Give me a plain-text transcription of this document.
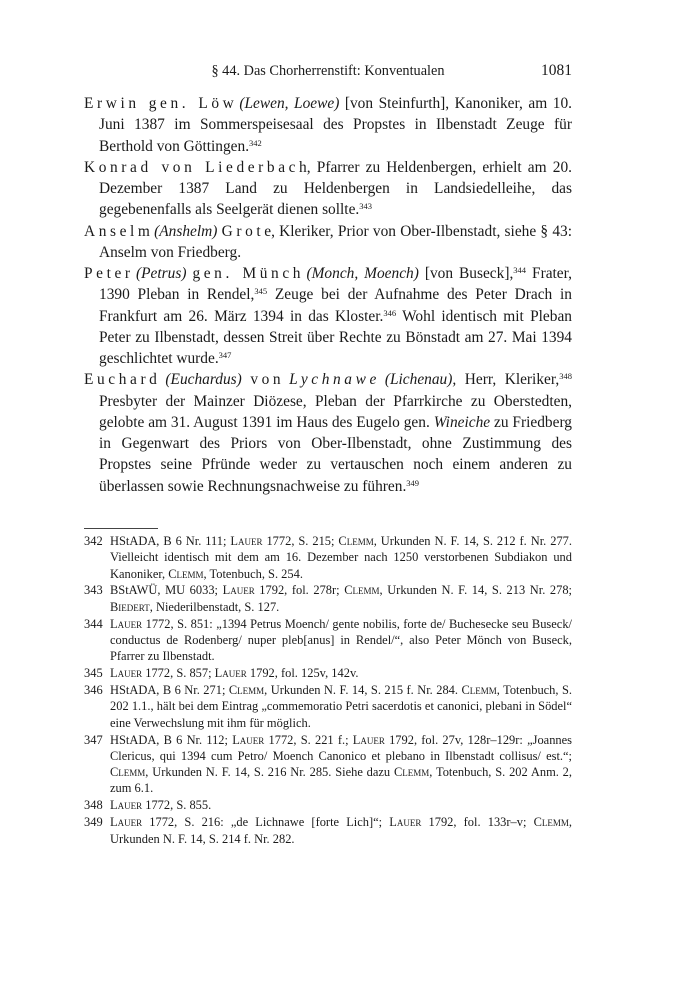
§ 44. Das Chorherrenstift: Konventualen	1081

Erwin gen. Löw (Lewen, Loewe) [von Steinfurth], Kanoniker, am 10. Juni 1387 im Sommerspeisesaal des Propstes in Ilbenstadt Zeuge für Berthold von Göttingen.$^{342}$

Konrad von Liederbach, Pfarrer zu Heldenbergen, erhielt am 20. Dezember 1387 Land zu Heldenbergen in Landsiedelleihe, das gegebenenfalls als Seelgerät dienen sollte.$^{343}$

Anselm (Anshelm) Grote, Kleriker, Prior von Ober-Ilbenstadt, siehe § 43: Anselm von Friedberg.

Peter (Petrus) gen. Münch (Monch, Moench) [von Buseck],$^{344}$ Frater, 1390 Pleban in Rendel,$^{345}$ Zeuge bei der Aufnahme des Peter Drach in Frankfurt am 26. März 1394 in das Kloster.$^{346}$ Wohl identisch mit Pleban Peter zu Ilbenstadt, dessen Streit über Rechte zu Bönstadt am 27. Mai 1394 geschlichtet wurde.$^{347}$

Euchard (Euchardus) von Lychnawe (Lichenau), Herr, Kleriker,$^{348}$ Presbyter der Mainzer Diözese, Pleban der Pfarrkirche zu Oberstedten, gelobte am 31. August 1391 im Haus des Eugelo gen. Wineiche zu Friedberg in Gegenwart des Priors von Ober-Ilbenstadt, ohne Zustimmung des Propstes seine Pfründe weder zu vertauschen noch einem anderen zu überlassen sowie Rechnungsnachweise zu führen.$^{349}$

342 HStADA, B 6 Nr. 111; Lauer 1772, S. 215; Clemm, Urkunden N. F. 14, S. 212 f. Nr. 277. Vielleicht identisch mit dem am 16. Dezember nach 1250 verstorbenen Subdiakon und Kanoniker, Clemm, Totenbuch, S. 254.

343 BStAWÜ, MU 6033; Lauer 1792, fol. 278r; Clemm, Urkunden N. F. 14, S. 213 Nr. 278; Biedert, Niederilbenstadt, S. 127.

344 Lauer 1772, S. 851: „1394 Petrus Moench/ gente nobilis, forte de/ Buchesecke seu Buseck/ conductus de Rodenberg/ nuper pleb[anus] in Rendel/“, also Peter Mönch von Buseck, Pfarrer zu Ilbenstadt.

345 Lauer 1772, S. 857; Lauer 1792, fol. 125v, 142v.

346 HStADA, B 6 Nr. 271; Clemm, Urkunden N. F. 14, S. 215 f. Nr. 284. Clemm, Totenbuch, S. 202 1.1., hält bei dem Eintrag „commemoratio Petri sacerdotis et canonici, plebani in Södel“ eine Verwechslung mit ihm für möglich.

347 HStADA, B 6 Nr. 112; Lauer 1772, S. 221 f.; Lauer 1792, fol. 27v, 128r–129r: „Joannes Clericus, qui 1394 cum Petro/ Moench Canonico et plebano in Ilbenstadt collisus/ est.“; Clemm, Urkunden N. F. 14, S. 216 Nr. 285. Siehe dazu Clemm, Totenbuch, S. 202 Anm. 2, zum 6.1.

348 Lauer 1772, S. 855.

349 Lauer 1772, S. 216: „de Lichnawe [forte Lich]“; Lauer 1792, fol. 133r–v; Clemm, Urkunden N. F. 14, S. 214 f. Nr. 282.
